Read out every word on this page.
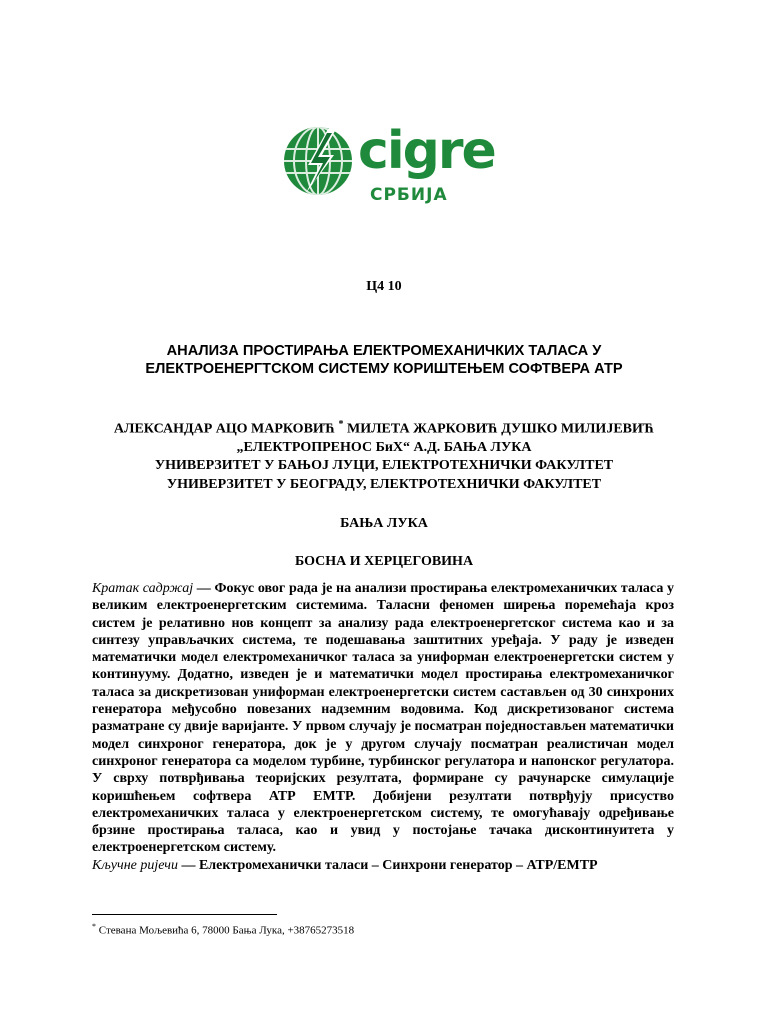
cigre
СРБИЈА
Ц4 10
АНАЛИЗА ПРОСТИРАЊА ЕЛЕКТРОМЕХАНИЧКИХ ТАЛАСА У
ЕЛЕКТРОЕНЕРГТСКОМ СИСТЕМУ КОРИШТЕЊЕМ СОФТВЕРА АТР
АЛЕКСАНДАР АЦО МАРКОВИЋ * МИЛЕТА ЖАРКОВИЋ ДУШКО МИЛИЈЕВИЋ
„ЕЛЕКТРОПРЕНОС БиХ“ А.Д. БАЊА ЛУКА
УНИВЕРЗИТЕТ У БАЊОЈ ЛУЦИ, ЕЛЕКТРОТЕХНИЧКИ ФАКУЛТЕТ
УНИВЕРЗИТЕТ У БЕОГРАДУ, ЕЛЕКТРОТЕХНИЧКИ ФАКУЛТЕТ
БАЊА ЛУКА
БОСНА И ХЕРЦЕГОВИНА

Кратак садржај — Фокус овог рада је на анализи простирања електромеханичких таласа у великим електроенергетским системима. Таласни феномен ширења поремећаја кроз систем је релативно нов концепт за анализу рада електроенергетског система као и за синтезу управљачких система, те подешавања заштитних уређаја. У раду је изведен математички модел електромеханичког таласа за униформан електроенергетски систем у континууму. Додатно, изведен је и математички модел простирања електромеханичког таласа за дискретизован униформан електроенергетски систем састављен од 30 синхроних генератора међусобно повезаних надземним водовима. Код дискретизованог система разматране су двије варијанте. У првом случају је посматран поједностављен математички модел синхроног генератора, док је у другом случају посматран реалистичан модел синхроног генератора са моделом турбине, турбинског регулатора и напонског регулатора. У сврху потврђивања теоријских резултата, формиране су рачунарске симулације коришћењем софтвера АТР ЕМТР. Добијени резултати потврђују присуство електромеханичких таласа у електроенергетском систему, те омогућавају одређивање брзине простирања таласа, као и увид у постојање тачака дисконтинуитета у електроенергетском систему.

Кључне ријечи — Електромеханички таласи – Синхрони генератор – АТР/ЕМТР

* Стевана Мољевића 6, 78000 Бања Лука, +38765273518
